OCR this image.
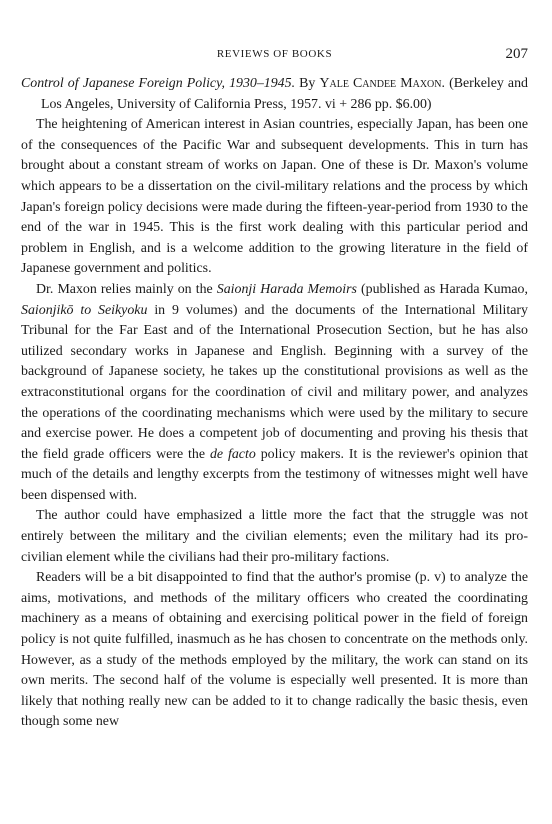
REVIEWS OF BOOKS	207

Control of Japanese Foreign Policy, 1930–1945. By Yale Candee Maxon. (Berkeley and Los Angeles, University of California Press, 1957. vi + 286 pp. $6.00)

The heightening of American interest in Asian countries, especially Japan, has been one of the consequences of the Pacific War and subsequent developments. This in turn has brought about a constant stream of works on Japan. One of these is Dr. Maxon's volume which appears to be a dissertation on the civil-military relations and the process by which Japan's foreign policy decisions were made during the fifteen-year-period from 1930 to the end of the war in 1945. This is the first work dealing with this particular period and problem in English, and is a welcome addition to the growing literature in the field of Japanese government and politics.

Dr. Maxon relies mainly on the Saionji Harada Memoirs (published as Harada Kumao, Saionjikō to Seikyoku in 9 volumes) and the documents of the International Military Tribunal for the Far East and of the International Prosecution Section, but he has also utilized secondary works in Japanese and English. Beginning with a survey of the background of Japanese society, he takes up the constitutional provisions as well as the extraconstitutional organs for the coordination of civil and military power, and analyzes the operations of the coordinating mechanisms which were used by the military to secure and exercise power. He does a competent job of documenting and proving his thesis that the field grade officers were the de facto policy makers. It is the reviewer's opinion that much of the details and lengthy excerpts from the testimony of witnesses might well have been dispensed with.

The author could have emphasized a little more the fact that the struggle was not entirely between the military and the civilian elements; even the military had its pro-civilian element while the civilians had their pro-military factions.

Readers will be a bit disappointed to find that the author's promise (p. v) to analyze the aims, motivations, and methods of the military officers who created the coordinating machinery as a means of obtaining and exercising political power in the field of foreign policy is not quite fulfilled, inasmuch as he has chosen to concentrate on the methods only. However, as a study of the methods employed by the military, the work can stand on its own merits. The second half of the volume is especially well presented. It is more than likely that nothing really new can be added to it to change radically the basic thesis, even though some new
